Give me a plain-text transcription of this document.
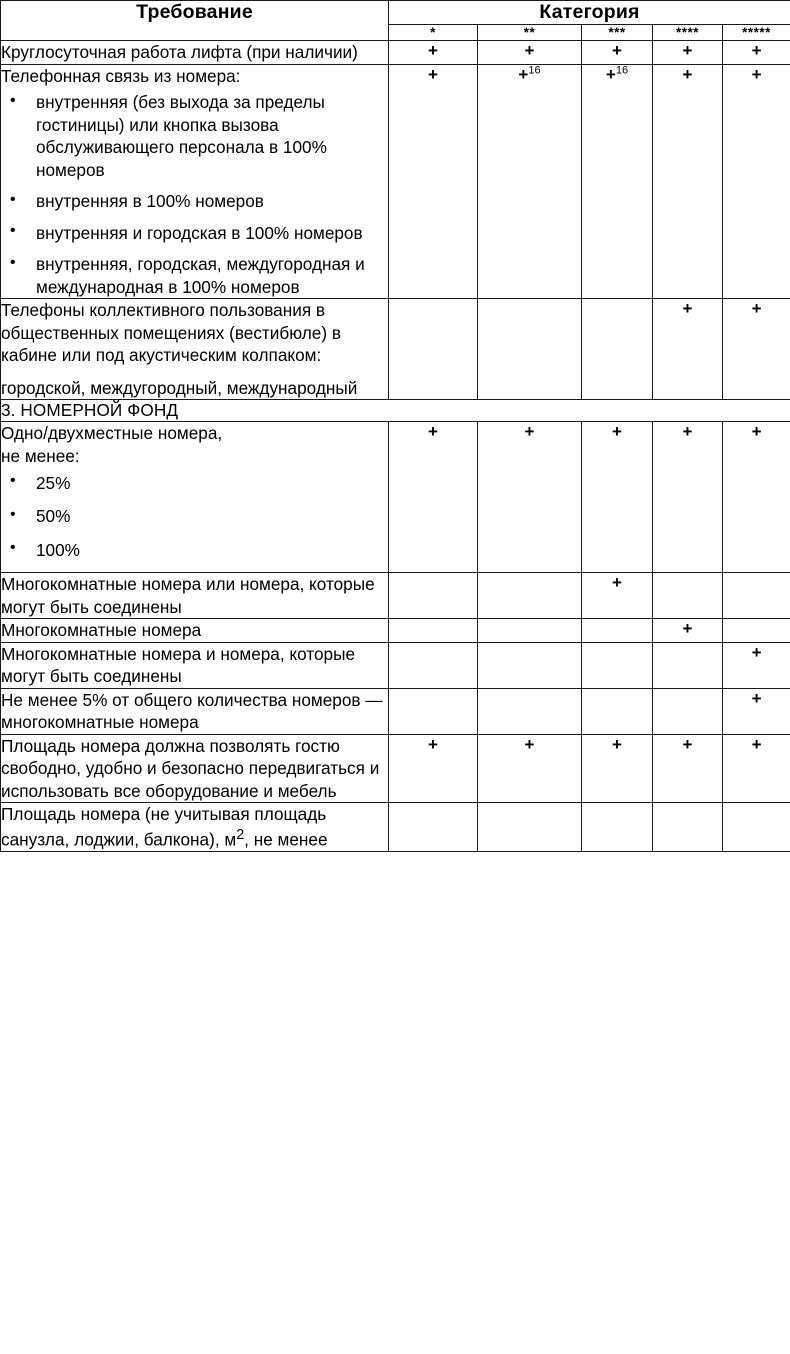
Требование	Категория				
	*	**	***	****	*****
Круглосуточная работа лифта (при наличии)	+	+	+	+	+

Телефонная связь из номера:

• внутренняя (без выхода за пределы гостиницы) или кнопка вызова обслуживающего персонала в 100% номеров
• внутренняя в 100% номеров
• внутренняя и городская в 100% номеров
• внутренняя, городская, междугородная и международная в 100% номеров
	+	+$^{16}$	+$^{16}$	+	+

Телефоны коллективного пользования в общественных помещениях (вестибюле) в кабине или под акустическим колпаком:

городской, междугородный, международный				+	+
3. НОМЕРНОЙ ФОНД					

Одно/двухместные номера,

не менее:

• 25%
• 50%
• 100%
	+	+	+	+	+
Многокомнатные номера или номера, которые могут быть соединены			+		
Многокомнатные номера				+	
Многокомнатные номера и номера, которые могут быть соединены					+
Не менее 5% от общего количества номеров — многокомнатные номера					+
Площадь номера должна позволять гостю свободно, удобно и безопасно передвигаться и использовать все оборудование и мебель	+	+	+	+	+

Площадь номера (не учитывая площадь санузла, лоджии, балкона), $м^2$, не менее					
